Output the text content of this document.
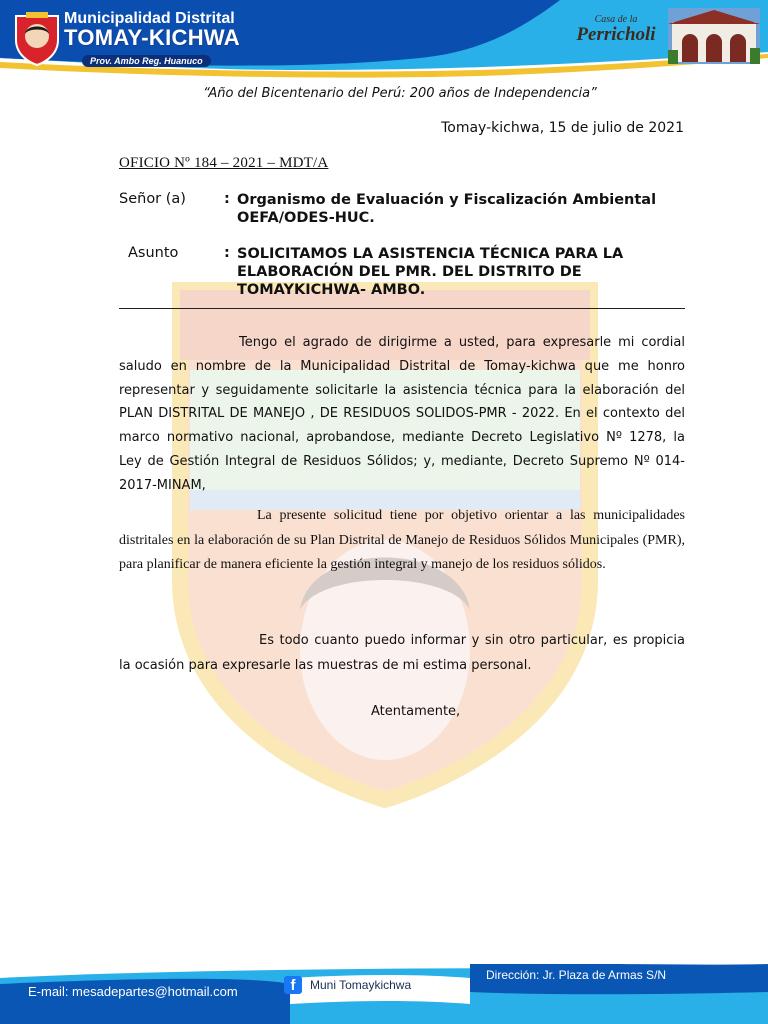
Municipalidad Distrital
TOMAY-KICHWA
Prov. Ambo Reg. Huanuco
Casa de la
Perricholi
“Año del Bicentenario del Perú: 200 años de Independencia”
Tomay-kichwa, 15 de julio de 2021
OFICIO Nº 184 – 2021 – MDT/A
Señor (a)	: Organismo de Evaluación y Fiscalización Ambiental OEFA/ODES-HUC.
Asunto	: SOLICITAMOS LA ASISTENCIA TÉCNICA PARA LA ELABORACIÓN DEL PMR. DEL DISTRITO DE TOMAYKICHWA- AMBO.
Tengo el agrado de dirigirme a usted, para expresarle mi cordial saludo en nombre de la Municipalidad Distrital de Tomay-kichwa que me honro representar y seguidamente solicitarle la asistencia técnica para la elaboración del PLAN DISTRITAL DE MANEJO , DE RESIDUOS SOLIDOS-PMR - 2022. En el contexto del marco normativo nacional, aprobandose, mediante Decreto Legislativo Nº 1278, la Ley de Gestión Integral de Residuos Sólidos; y, mediante, Decreto Supremo Nº 014-2017-MINAM,
La presente solicitud tiene por objetivo orientar a las municipalidades distritales en la elaboración de su Plan Distrital de Manejo de Residuos Sólidos Municipales (PMR), para planificar de manera eficiente la gestión integral y manejo de los residuos sólidos.
Es todo cuanto puedo informar y sin otro particular, es propicia la ocasión para expresarle las muestras de mi estima personal.
Atentamente,
E-mail: mesadepartes@hotmail.com	f	Muni Tomaykichwa
Dirección: Jr. Plaza de Armas S/N
